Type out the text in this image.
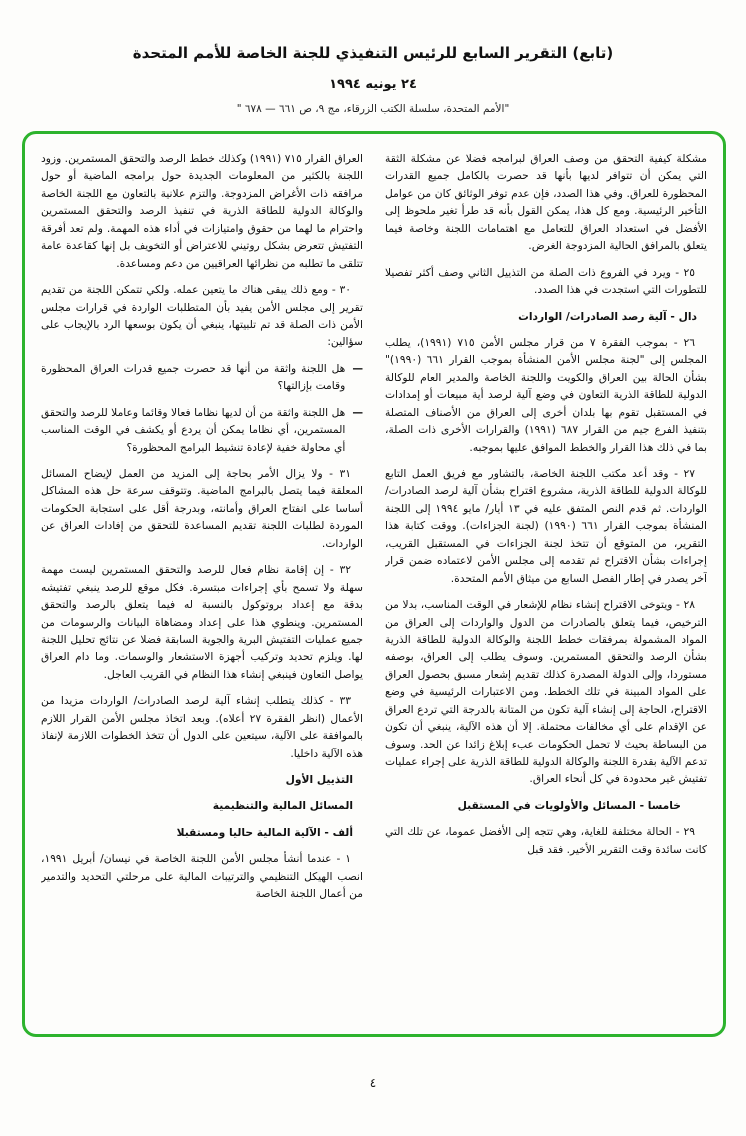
(تابع) التقرير السابع للرئيس التنفيذي للجنة الخاصة للأمم المتحدة
٢٤ يونيه ١٩٩٤
"الأمم المتحدة، سلسلة الكتب الزرقاء، مج ٩، ص ٦٦١ — ٦٧٨ "

مشكلة كيفية التحقق من وصف العراق لبرامجه فضلا عن مشكلة الثقة التي يمكن أن تتوافر لديها بأنها قد حصرت بالكامل جميع القدرات المحظورة للعراق. وفي هذا الصدد، فإن عدم توفر الوثائق كان من عوامل التأخير الرئيسية. ومع كل هذا، يمكن القول بأنه قد طرأ تغير ملحوظ إلى الأفضل في استعداد العراق للتعامل مع اهتمامات اللجنة وخاصة فيما يتعلق بالمرافق الحالية المزدوجة الغرض.

٢٥ - ويرد في الفروع ذات الصلة من التذييل الثاني وصف أكثر تفصيلا للتطورات التي استجدت في هذا الصدد.

دال - آلية رصد الصادرات/ الواردات

٢٦ - بموجب الفقرة ٧ من قرار مجلس الأمن ٧١٥ (١٩٩١)، يطلب المجلس إلى "لجنة مجلس الأمن المنشأة بموجب القرار ٦٦١ (١٩٩٠)" بشأن الحالة بين العراق والكويت واللجنة الخاصة والمدير العام للوكالة الدولية للطاقة الذرية التعاون في وضع آلية لرصد أية مبيعات أو إمدادات في المستقبل تقوم بها بلدان أخرى إلى العراق من الأصناف المتصلة بتنفيذ الفرع جيم من القرار ٦٨٧ (١٩٩١) والقرارات الأخرى ذات الصلة، بما في ذلك هذا القرار والخطط الموافق عليها بموجبه.

٢٧ - وقد أعد مكتب اللجنة الخاصة، بالتشاور مع فريق العمل التابع للوكالة الدولية للطاقة الذرية، مشروع اقتراح بشأن آلية لرصد الصادرات/ الواردات. ثم قدم النص المتفق عليه في ١٣ أيار/ مايو ١٩٩٤ إلى اللجنة المنشأة بموجب القرار ٦٦١ (١٩٩٠) (لجنة الجزاءات). ووقت كتابة هذا التقرير، من المتوقع أن تتخذ لجنة الجزاءات في المستقبل القريب، إجراءات بشأن الاقتراح ثم تقدمه إلى مجلس الأمن لاعتماده ضمن قرار آخر يصدر في إطار الفصل السابع من ميثاق الأمم المتحدة.

٢٨ - ويتوخى الاقتراح إنشاء نظام للإشعار في الوقت المناسب، بدلا من الترخيص، فيما يتعلق بالصادرات من الدول والواردات إلى العراق من المواد المشمولة بمرفقات خطط اللجنة والوكالة الدولية للطاقة الذرية بشأن الرصد والتحقق المستمرين. وسوف يطلب إلى العراق، بوصفه مستوردا، وإلى الدولة المصدرة كذلك تقديم إشعار مسبق بحصول العراق على المواد المبينة في تلك الخطط. ومن الاعتبارات الرئيسية في وضع الاقتراح، الحاجة إلى إنشاء آلية تكون من المتانة بالدرجة التي تردع العراق عن الإقدام على أي مخالفات محتملة. إلا أن هذه الآلية، ينبغي أن تكون من البساطة بحيث لا تحمل الحكومات عبء إبلاغ زائدا عن الحد. وسوف تدعم الآلية بقدرة اللجنة والوكالة الدولية للطاقة الذرية على إجراء عمليات تفتيش غير محدودة في كل أنحاء العراق.

خامسا - المسائل والأولويات في المستقبل

٢٩ - الحالة مختلفة للغاية، وهي تتجه إلى الأفضل عموما، عن تلك التي كانت سائدة وقت التقرير الأخير. فقد قبل

العراق القرار ٧١٥ (١٩٩١) وكذلك خطط الرصد والتحقق المستمرين. وزود اللجنة بالكثير من المعلومات الجديدة حول برامجه الماضية أو حول مرافقه ذات الأغراض المزدوجة. والتزم علانية بالتعاون مع اللجنة الخاصة والوكالة الدولية للطاقة الذرية في تنفيذ الرصد والتحقق المستمرين واحترام ما لهما من حقوق وامتيازات في أداء هذه المهمة. ولم تعد أفرقة التفتيش تتعرض بشكل روتيني للاعتراض أو التخويف بل إنها كقاعدة عامة تتلقى ما تطلبه من نظرائها العراقيين من دعم ومساعدة.

٣٠ - ومع ذلك يبقى هناك ما يتعين عمله. ولكي تتمكن اللجنة من تقديم تقرير إلى مجلس الأمن يفيد بأن المتطلبات الواردة في قرارات مجلس الأمن ذات الصلة قد تم تلبيتها، ينبغي أن يكون بوسعها الرد بالإيجاب على سؤالين:

—
هل اللجنة واثقة من أنها قد حصرت جميع قدرات العراق المحظورة وقامت بإزالتها؟
—
هل اللجنة واثقة من أن لديها نظاما فعالا وقائما وعاملا للرصد والتحقق المستمرين، أي نظاما يمكن أن يردع أو يكشف في الوقت المناسب أي محاولة خفية لإعادة تنشيط البرامج المحظورة؟

٣١ - ولا يزال الأمر بحاجة إلى المزيد من العمل لإيضاح المسائل المعلقة فيما يتصل بالبرامج الماضية. وتتوقف سرعة حل هذه المشاكل أساسا على انفتاح العراق وأمانته، وبدرجة أقل على استجابة الحكومات الموردة لطلبات اللجنة تقديم المساعدة للتحقق من إفادات العراق عن الواردات.

٣٢ - إن إقامة نظام فعال للرصد والتحقق المستمرين ليست مهمة سهلة ولا تسمح بأي إجراءات مبتسرة. فكل موقع للرصد ينبغي تفتيشه بدقة مع إعداد بروتوكول بالنسبة له فيما يتعلق بالرصد والتحقق المستمرين. وينطوي هذا على إعداد ومضاهاة البيانات والرسومات من جميع عمليات التفتيش البرية والجوية السابقة فضلا عن نتائج تحليل اللجنة لها. ويلزم تحديد وتركيب أجهزة الاستشعار والوسمات. وما دام العراق يواصل التعاون فينبغي إنشاء هذا النظام في القريب العاجل.

٣٣ - كذلك يتطلب إنشاء آلية لرصد الصادرات/ الواردات مزيدا من الأعمال (انظر الفقرة ٢٧ أعلاه). وبعد اتخاذ مجلس الأمن القرار اللازم بالموافقة على الآلية، سيتعين على الدول أن تتخذ الخطوات اللازمة لإنفاذ هذه الآلية داخليا.

التذييل الأول

المسائل المالية والتنظيمية

ألف - الآلية المالية حاليا ومستقبلا

١ - عندما أنشأ مجلس الأمن اللجنة الخاصة في نيسان/ أبريل ١٩٩١، انصب الهيكل التنظيمي والترتيبات المالية على مرحلتي التحديد والتدمير من أعمال اللجنة الخاصة

٤
